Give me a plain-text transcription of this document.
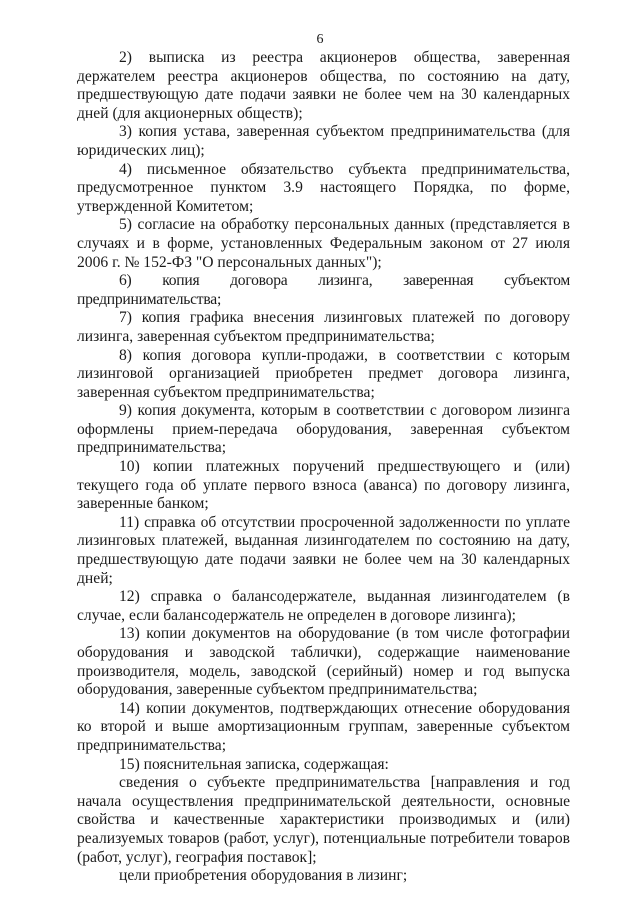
6

2) выписка из реестра акционеров общества, заверенная держателем реестра акционеров общества, по состоянию на дату, предшествующую дате подачи заявки не более чем на 30 календарных дней (для акционерных обществ);

3) копия устава, заверенная субъектом предпринимательства (для юридических лиц);

4) письменное обязательство субъекта предпринимательства, предусмотренное пунктом 3.9 настоящего Порядка, по форме, утвержденной Комитетом;

5) согласие на обработку персональных данных (представляется в случаях и в форме, установленных Федеральным законом от 27 июля 2006 г. № 152-ФЗ "О персональных данных");

6) копия договора лизинга, заверенная субъектом предпринимательства;

7) копия графика внесения лизинговых платежей по договору лизинга, заверенная субъектом предпринимательства;

8) копия договора купли-продажи, в соответствии с которым лизинговой организацией приобретен предмет договора лизинга, заверенная субъектом предпринимательства;

9) копия документа, которым в соответствии с договором лизинга оформлены прием-передача оборудования, заверенная субъектом предпринимательства;

10) копии платежных поручений предшествующего и (или) текущего года об уплате первого взноса (аванса) по договору лизинга, заверенные банком;

11) справка об отсутствии просроченной задолженности по уплате лизинговых платежей, выданная лизингодателем по состоянию на дату, предшествующую дате подачи заявки не более чем на 30 календарных дней;

12) справка о балансодержателе, выданная лизингодателем (в случае, если балансодержатель не определен в договоре лизинга);

13) копии документов на оборудование (в том числе фотографии оборудования и заводской таблички), содержащие наименование производителя, модель, заводской (серийный) номер и год выпуска оборудования, заверенные субъектом предпринимательства;

14) копии документов, подтверждающих отнесение оборудования ко второй и выше амортизационным группам, заверенные субъектом предпринимательства;

15) пояснительная записка, содержащая:

сведения о субъекте предпринимательства [направления и год начала осуществления предпринимательской деятельности, основные свойства и качественные характеристики производимых и (или) реализуемых товаров (работ, услуг), потенциальные потребители товаров (работ, услуг), география поставок];

цели приобретения оборудования в лизинг;
